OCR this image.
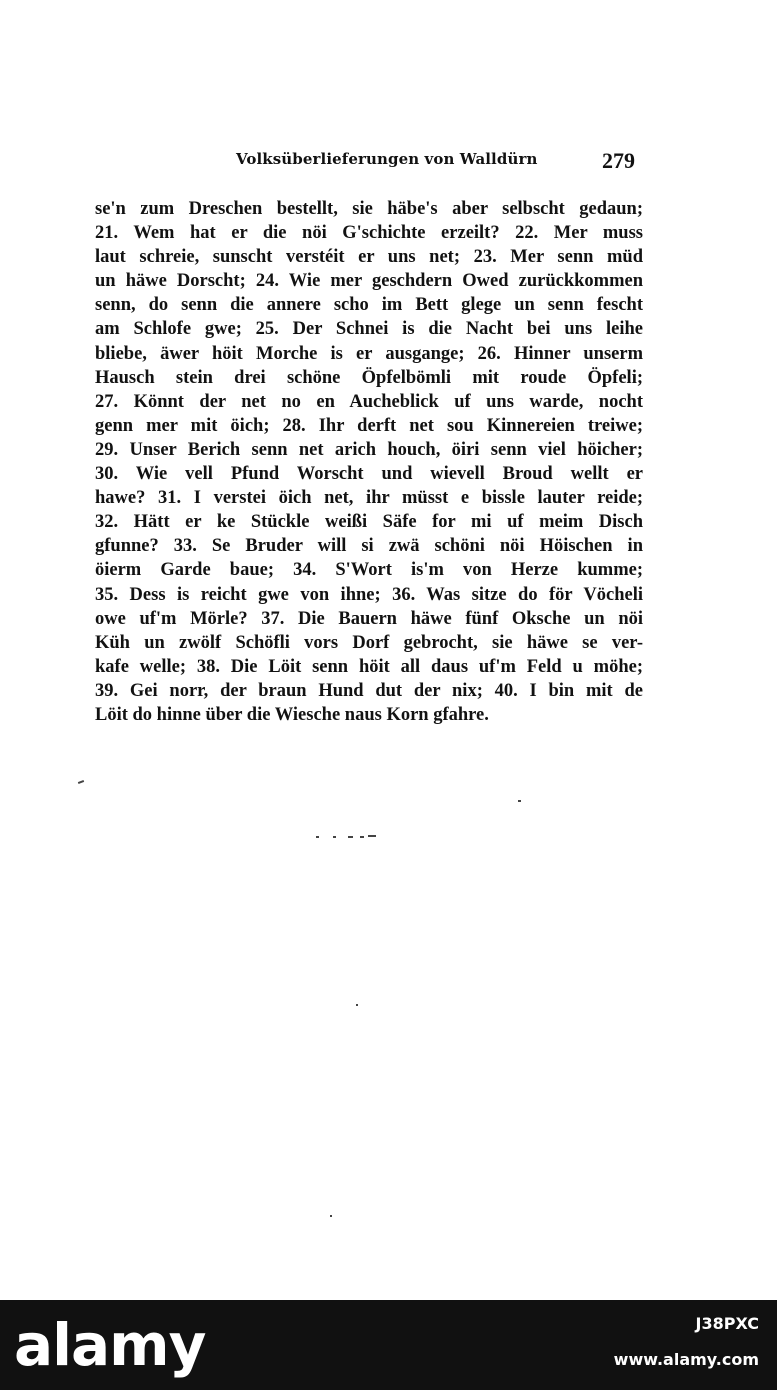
Volksüberlieferungen von Walldürn	279
se'n zum Dreschen bestellt, sie häbe's aber selbscht gedaun;
21. Wem hat er die nöi G'schichte erzeilt? 22. Mer muss
laut schreie, sunscht verstéit er uns net; 23. Mer senn müd
un häwe Dorscht; 24. Wie mer geschdern Owed zurückkommen
senn, do senn die annere scho im Bett glege un senn fescht
am Schlofe gwe; 25. Der Schnei is die Nacht bei uns leihe
bliebe, äwer höit Morche is er ausgange; 26. Hinner unserm
Hausch stein drei schöne Öpfelbömli mit roude Öpfeli;
27. Könnt der net no en Aucheblick uf uns warde, nocht
genn mer mit öich; 28. Ihr derft net sou Kinnereien treiwe;
29. Unser Berich senn net arich houch, öiri senn viel höicher;
30. Wie vell Pfund Worscht und wievell Broud wellt er
hawe? 31. I verstei öich net, ihr müsst e bissle lauter reide;
32. Hätt er ke Stückle weißi Säfe for mi uf meim Disch
gfunne? 33. Se Bruder will si zwä schöni nöi Höischen in
öierm Garde baue; 34. S'Wort is'm von Herze kumme;
35. Dess is reicht gwe von ihne; 36. Was sitze do för Vöcheli
owe uf'm Mörle? 37. Die Bauern häwe fünf Oksche un nöi
Küh un zwölf Schöfli vors Dorf gebrocht, sie häwe se ver-
kafe welle; 38. Die Löit senn höit all daus uf'm Feld u möhe;
39. Gei norr, der braun Hund dut der nix; 40. I bin mit de
Löit do hinne über die Wiesche naus Korn gfahre.
alamy	J38PXC
www.alamy.com
